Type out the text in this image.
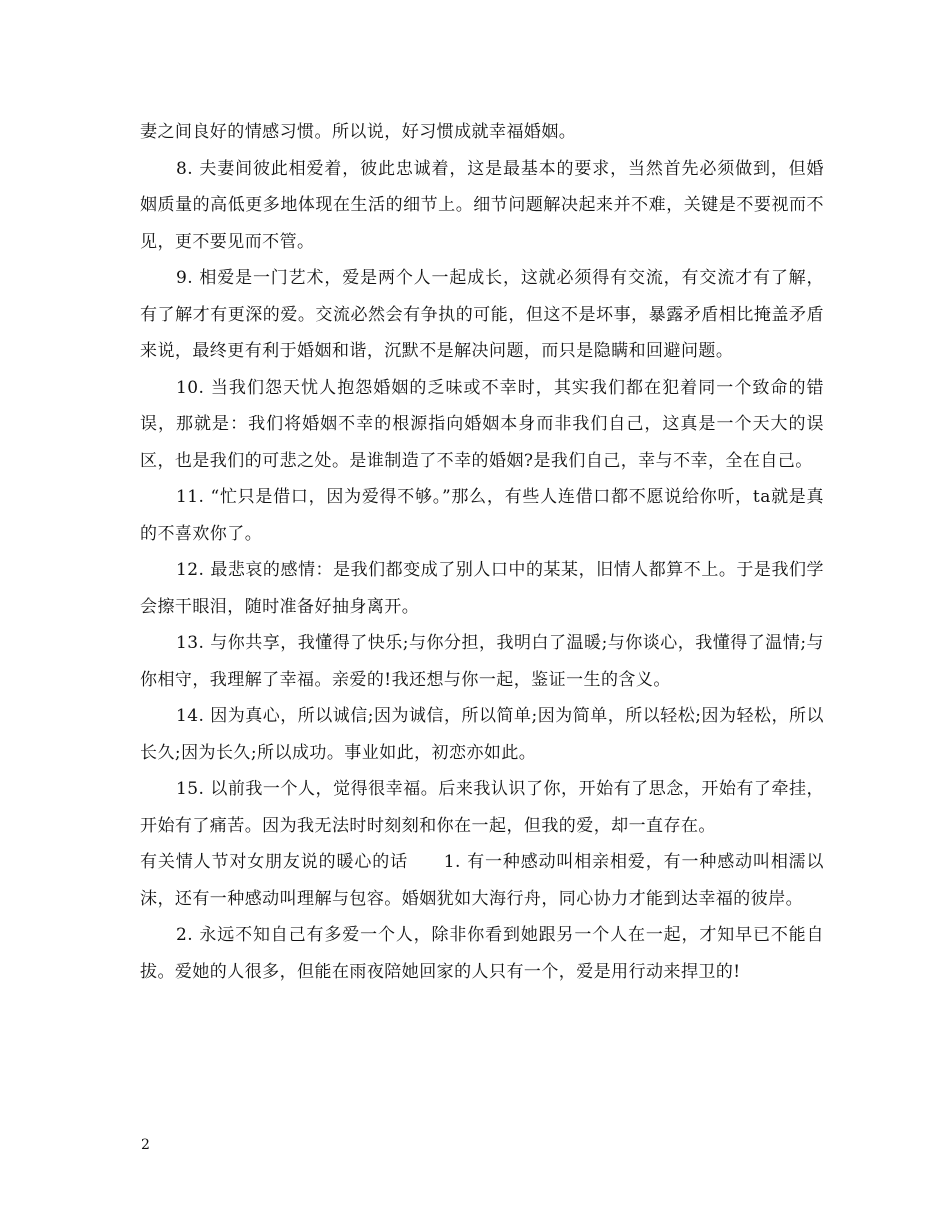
妻之间良好的情感习惯。所以说，好习惯成就幸福婚姻。

8. 夫妻间彼此相爱着，彼此忠诚着，这是最基本的要求，当然首先必须做到，但婚姻质量的高低更多地体现在生活的细节上。细节问题解决起来并不难，关键是不要视而不见，更不要见而不管。

9. 相爱是一门艺术，爱是两个人一起成长，这就必须得有交流，有交流才有了解，有了解才有更深的爱。交流必然会有争执的可能，但这不是坏事，暴露矛盾相比掩盖矛盾来说，最终更有利于婚姻和谐，沉默不是解决问题，而只是隐瞒和回避问题。

10. 当我们怨天忧人抱怨婚姻的乏味或不幸时，其实我们都在犯着同一个致命的错误，那就是：我们将婚姻不幸的根源指向婚姻本身而非我们自己，这真是一个天大的误区，也是我们的可悲之处。是谁制造了不幸的婚姻?是我们自己，幸与不幸，全在自己。

11. “忙只是借口，因为爱得不够。”那么，有些人连借口都不愿说给你听，ta就是真的不喜欢你了。

12. 最悲哀的感情：是我们都变成了别人口中的某某，旧情人都算不上。于是我们学会擦干眼泪，随时准备好抽身离开。

13. 与你共享，我懂得了快乐;与你分担，我明白了温暖;与你谈心，我懂得了温情;与你相守，我理解了幸福。亲爱的!我还想与你一起，鉴证一生的含义。

14. 因为真心，所以诚信;因为诚信，所以简单;因为简单，所以轻松;因为轻松，所以长久;因为长久;所以成功。事业如此，初恋亦如此。

15. 以前我一个人，觉得很幸福。后来我认识了你，开始有了思念，开始有了牵挂，开始有了痛苦。因为我无法时时刻刻和你在一起，但我的爱，却一直存在。

有关情人节对女朋友说的暖心的话　　1. 有一种感动叫相亲相爱，有一种感动叫相濡以沫，还有一种感动叫理解与包容。婚姻犹如大海行舟，同心协力才能到达幸福的彼岸。

2. 永远不知自己有多爱一个人，除非你看到她跟另一个人在一起，才知早已不能自拔。爱她的人很多，但能在雨夜陪她回家的人只有一个，爱是用行动来捍卫的!

2
